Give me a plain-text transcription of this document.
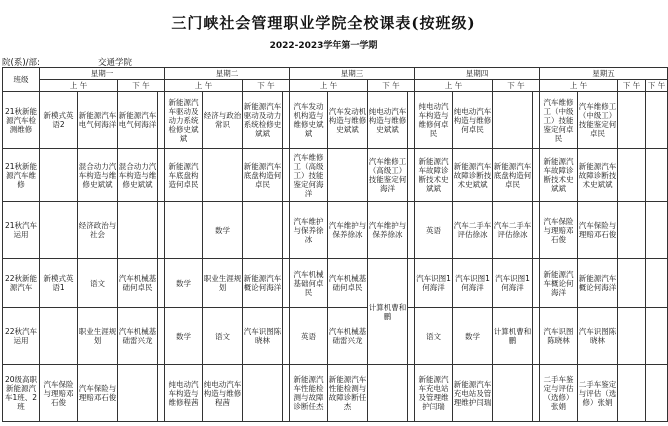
三门峡社会管理职业学院全校课表(按班级)
2022-2023学年第一学期
院(系)/部:	交通学院
班级	星期一				星期二				星期三				星期四				星期五			
	上 午		下 午		上 午		下 午		上 午		下 午		上 午		下 午		上 午		下 午	下 午
21秋新能源汽车检测维修	新模式英语2	新能源汽车电气何海洋	新能源汽车电气何海洋		新能源汽车驱动及动力系统检修史斌斌	经济与政治常识	新能源汽车驱动及动力系统检修史斌斌		汽车发动机构造与维修史斌斌	汽车发动机构造与维修史斌斌	纯电动汽车构造与维修史斌斌		纯电动汽车构造与维修何卓民	纯电动汽车构造与维修何卓民			汽车维修工（中级工）技能鉴定何卓民	汽车维修工（中级工）技能鉴定何卓民		
21秋新能源汽车维修		混合动力汽车构造与维修史斌斌	混合动力汽车构造与维修史斌斌		新能源汽车底盘构造何卓民		新能源汽车底盘构造何卓民		汽车维修工（高级工）技能鉴定何海洋		汽车维修工（高级工）技能鉴定何海洋		新能源汽车故障诊断技术史斌斌	新能源汽车故障诊断技术史斌斌	新能源汽车底盘构造何卓民		新能源汽车故障诊断技术史斌斌	新能源汽车故障诊断技术史斌斌		
21秋汽车运用		经济政治与社会				数学			汽车维护与保养徐冰	汽车维护与保养徐冰	汽车维护与保养徐冰		英语	汽车二手车评估徐冰	汽车二手车评估徐冰		汽车保险与理赔邓石俊	汽车保险与理赔邓石俊		
22秋新能源汽车	新模式英语1	语文	汽车机械基础何卓民		数学	职业生涯规划	新能源汽车概论何海洋		汽车机械基础何卓民	汽车机械基础何卓民	计算机曹和鹏		汽车识图1何海洋	汽车识图1何海洋	汽车识图1何海洋		新能源汽车概论何海洋	新能源汽车概论何海洋		
22秋汽车运用		职业生涯规划	汽车机械基础雷兴龙		数学	语文	汽车识图陈晓林		英语	汽车机械基础雷兴龙			语文	数学	计算机曹和鹏		汽车识图陈晓林	汽车识图陈晓林		
20级高职新能源汽车1班、2班	汽车保险与理赔邓石俊	汽车保险与理赔邓石俊			纯电动汽车构造与维修程茜	纯电动汽车构造与维修程茜			新能源汽车性能检测与故障诊断任杰	新能源汽车性能检测与故障诊断任杰			新能源汽车充电站及管理维护闫瑞	新能源汽车充电站及管理维护闫瑞			二手车鉴定与评估（选修）张娟	二手车鉴定与评估（选修）张娟		
